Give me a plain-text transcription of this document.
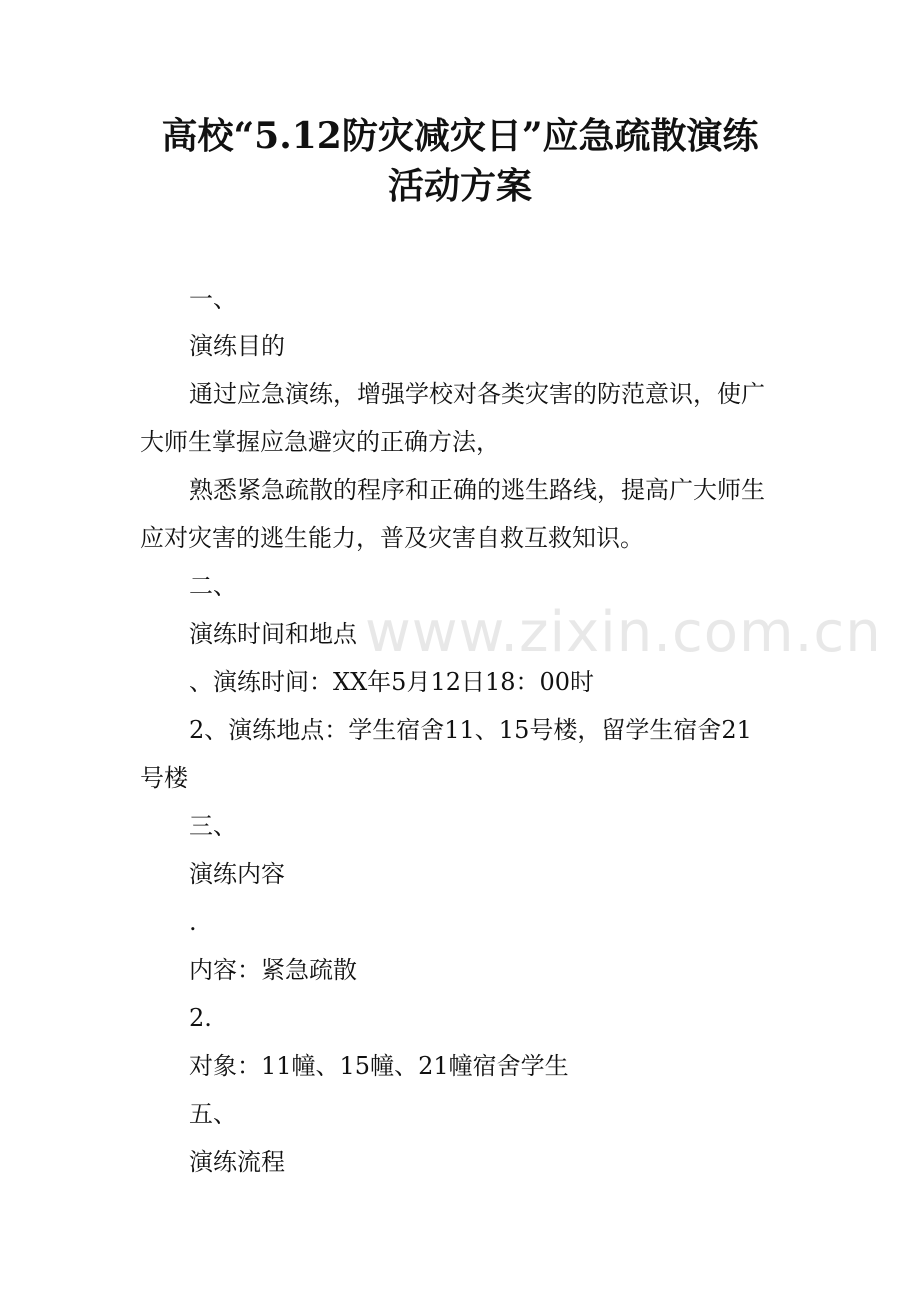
高校“5.12防灾减灾日”应急疏散演练
活动方案
www.zixin.com.cn

一、

演练目的

通过应急演练，增强学校对各类灾害的防范意识，使广

大师生掌握应急避灾的正确方法，

熟悉紧急疏散的程序和正确的逃生路线，提高广大师生

应对灾害的逃生能力，普及灾害自救互救知识。

二、

演练时间和地点

、演练时间：XX年5月12日18：00时

2、演练地点：学生宿舍11、15号楼，留学生宿舍21

号楼

三、

演练内容

.

内容：紧急疏散

2.

对象：11幢、15幢、21幢宿舍学生

五、

演练流程
